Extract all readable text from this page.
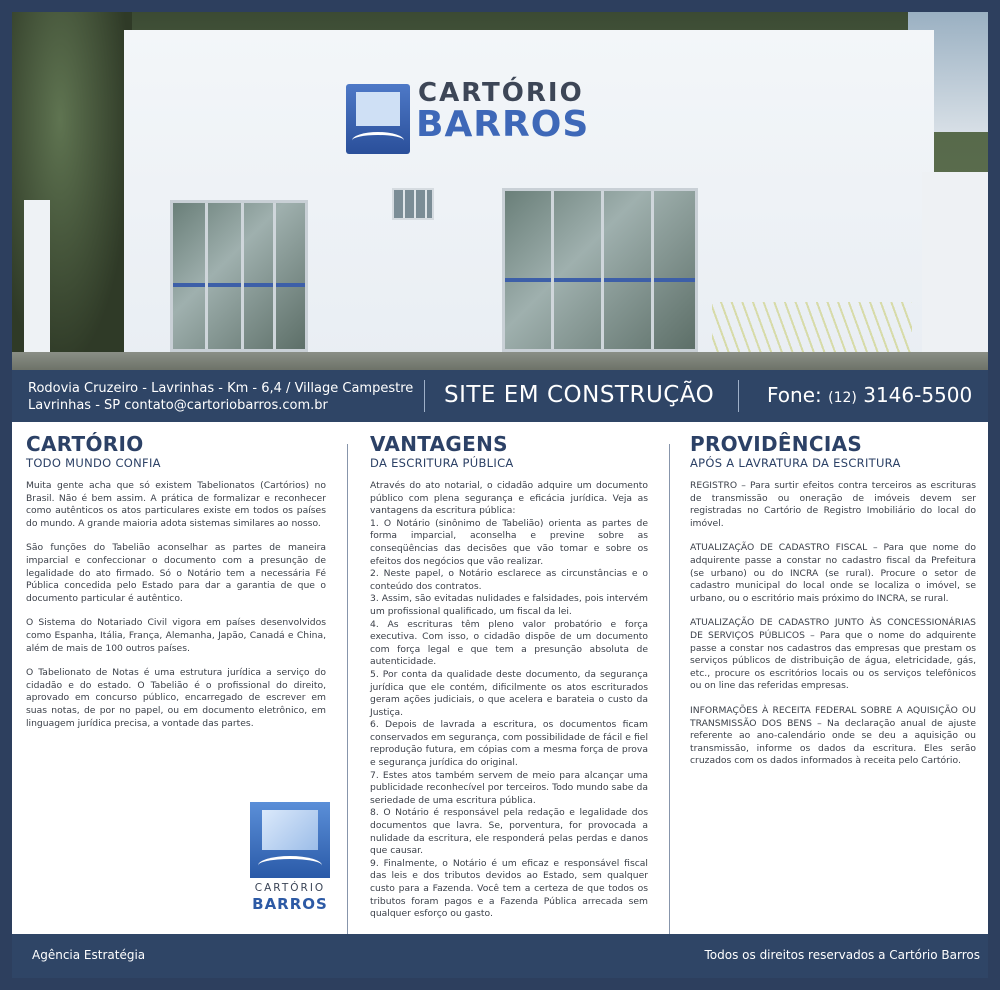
CARTÓRIO
BARROS
Rodovia Cruzeiro - Lavrinhas - Km - 6,4 / Village Campestre
Lavrinhas - SP contato@cartoriobarros.com.br	SITE EM CONSTRUÇÃO	Fone: (12) 3146-5500
CARTÓRIO
TODO MUNDO CONFIA

Muita gente acha que só existem Tabelionatos (Cartórios) no Brasil. Não é bem assim. A prática de formalizar e reconhecer como autênticos os atos particulares existe em todos os países do mundo. A grande maioria adota sistemas similares ao nosso.

São funções do Tabelião aconselhar as partes de maneira imparcial e confeccionar o documento com a presunção de legalidade do ato firmado. Só o Notário tem a necessária Fé Pública concedida pelo Estado para dar a garantia de que o documento particular é autêntico.

O Sistema do Notariado Civil vigora em países desenvolvidos como Espanha, Itália, França, Alemanha, Japão, Canadá e China, além de mais de 100 outros países.

O Tabelionato de Notas é uma estrutura jurídica a serviço do cidadão e do estado. O Tabelião é o profissional do direito, aprovado em concurso público, encarregado de escrever em suas notas, de por no papel, ou em documento eletrônico, em linguagem jurídica precisa, a vontade das partes.

VANTAGENS
DA ESCRITURA PÚBLICA

Através do ato notarial, o cidadão adquire um documento público com plena segurança e eficácia jurídica. Veja as vantagens da escritura pública:

1. O Notário (sinônimo de Tabelião) orienta as partes de forma imparcial, aconselha e previne sobre as conseqüências das decisões que vão tomar e sobre os efeitos dos negócios que vão realizar.

2. Neste papel, o Notário esclarece as circunstâncias e o conteúdo dos contratos.

3. Assim, são evitadas nulidades e falsidades, pois intervém um profissional qualificado, um fiscal da lei.

4. As escrituras têm pleno valor probatório e força executiva. Com isso, o cidadão dispõe de um documento com força legal e que tem a presunção absoluta de autenticidade.

5. Por conta da qualidade deste documento, da segurança jurídica que ele contém, dificilmente os atos escriturados geram ações judiciais, o que acelera e barateia o custo da Justiça.

6. Depois de lavrada a escritura, os documentos ficam conservados em segurança, com possibilidade de fácil e fiel reprodução futura, em cópias com a mesma força de prova e segurança jurídica do original.

7. Estes atos também servem de meio para alcançar uma publicidade reconhecível por terceiros. Todo mundo sabe da seriedade de uma escritura pública.

8. O Notário é responsável pela redação e legalidade dos documentos que lavra. Se, porventura, for provocada a nulidade da escritura, ele responderá pelas perdas e danos que causar.

9. Finalmente, o Notário é um eficaz e responsável fiscal das leis e dos tributos devidos ao Estado, sem qualquer custo para a Fazenda. Você tem a certeza de que todos os tributos foram pagos e a Fazenda Pública arrecada sem qualquer esforço ou gasto.

PROVIDÊNCIAS
APÓS A LAVRATURA DA ESCRITURA

REGISTRO – Para surtir efeitos contra terceiros as escrituras de transmissão ou oneração de imóveis devem ser registradas no Cartório de Registro Imobiliário do local do imóvel.

ATUALIZAÇÃO DE CADASTRO FISCAL – Para que nome do adquirente passe a constar no cadastro fiscal da Prefeitura (se urbano) ou do INCRA (se rural). Procure o setor de cadastro municipal do local onde se localiza o imóvel, se urbano, ou o escritório mais próximo do INCRA, se rural.

ATUALIZAÇÃO DE CADASTRO JUNTO ÀS CONCESSIONÁRIAS DE SERVIÇOS PÚBLICOS – Para que o nome do adquirente passe a constar nos cadastros das empresas que prestam os serviços públicos de distribuição de água, eletricidade, gás, etc., procure os escritórios locais ou os serviços telefônicos ou on line das referidas empresas.

INFORMAÇÕES À RECEITA FEDERAL SOBRE A AQUISIÇÃO OU TRANSMISSÃO DOS BENS – Na declaração anual de ajuste referente ao ano-calendário onde se deu a aquisição ou transmissão, informe os dados da escritura. Eles serão cruzados com os dados informados à receita pelo Cartório.

CARTÓRIO
BARROS
Agência Estratégia	Todos os direitos reservados a Cartório Barros
